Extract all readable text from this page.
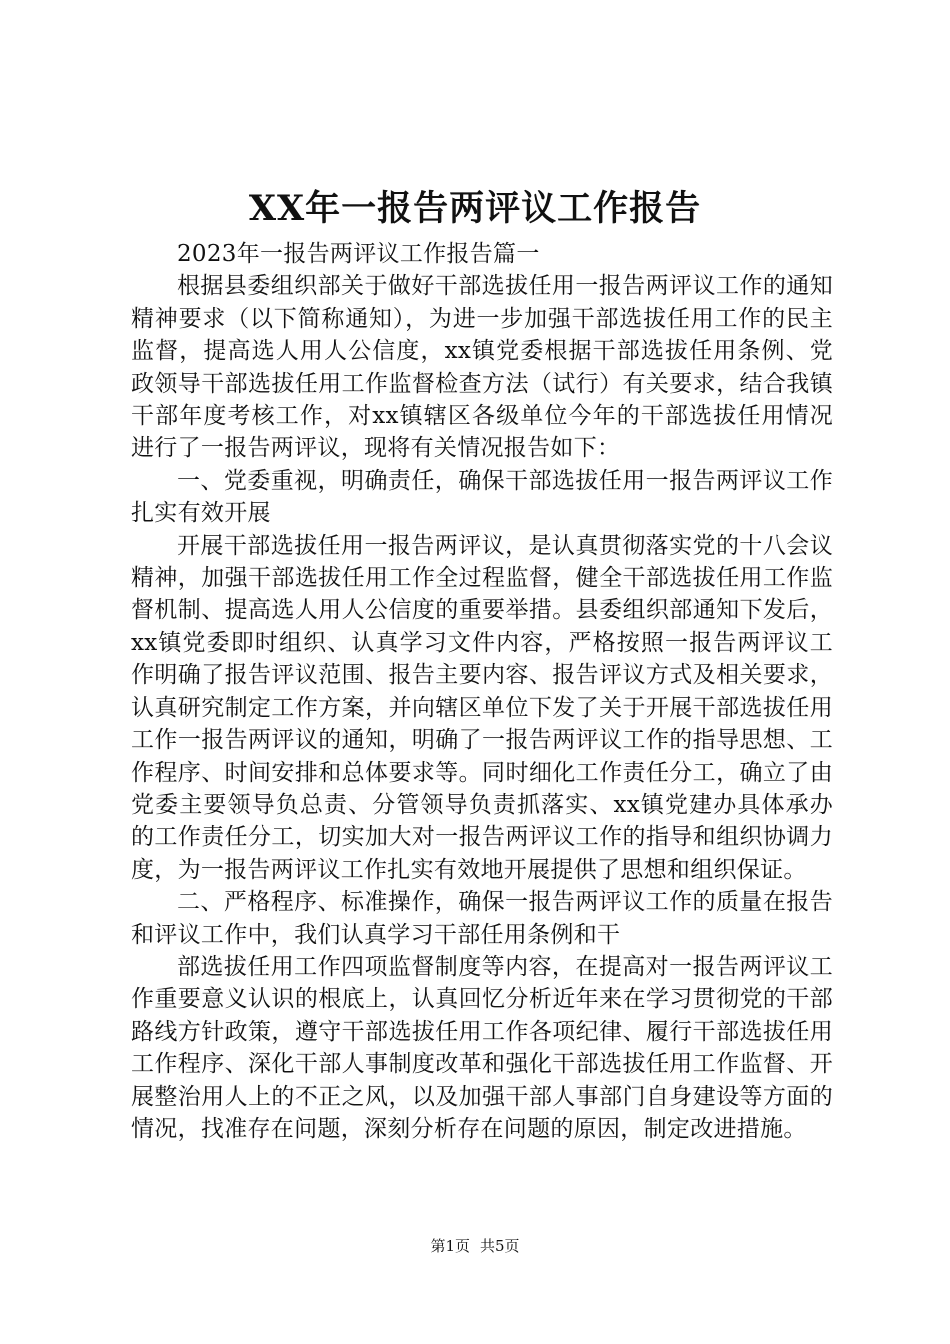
XX年一报告两评议工作报告

2023年一报告两评议工作报告篇一

根据县委组织部关于做好干部选拔任用一报告两评议工作的通知精神要求（以下简称通知），为进一步加强干部选拔任用工作的民主监督，提高选人用人公信度，xx镇党委根据干部选拔任用条例、党政领导干部选拔任用工作监督检查方法（试行）有关要求，结合我镇干部年度考核工作，对xx镇辖区各级单位今年的干部选拔任用情况进行了一报告两评议，现将有关情况报告如下：

一、党委重视，明确责任，确保干部选拔任用一报告两评议工作扎实有效开展

开展干部选拔任用一报告两评议，是认真贯彻落实党的十八会议精神，加强干部选拔任用工作全过程监督，健全干部选拔任用工作监督机制、提高选人用人公信度的重要举措。县委组织部通知下发后，xx镇党委即时组织、认真学习文件内容，严格按照一报告两评议工作明确了报告评议范围、报告主要内容、报告评议方式及相关要求，认真研究制定工作方案，并向辖区单位下发了关于开展干部选拔任用工作一报告两评议的通知，明确了一报告两评议工作的指导思想、工作程序、时间安排和总体要求等。同时细化工作责任分工，确立了由党委主要领导负总责、分管领导负责抓落实、xx镇党建办具体承办的工作责任分工，切实加大对一报告两评议工作的指导和组织协调力度，为一报告两评议工作扎实有效地开展提供了思想和组织保证。

二、严格程序、标准操作，确保一报告两评议工作的质量在报告和评议工作中，我们认真学习干部任用条例和干

部选拔任用工作四项监督制度等内容，在提高对一报告两评议工作重要意义认识的根底上，认真回忆分析近年来在学习贯彻党的干部路线方针政策，遵守干部选拔任用工作各项纪律、履行干部选拔任用工作程序、深化干部人事制度改革和强化干部选拔任用工作监督、开展整治用人上的不正之风，以及加强干部人事部门自身建设等方面的情况，找准存在问题，深刻分析存在问题的原因，制定改进措施。

第1页 共5页
